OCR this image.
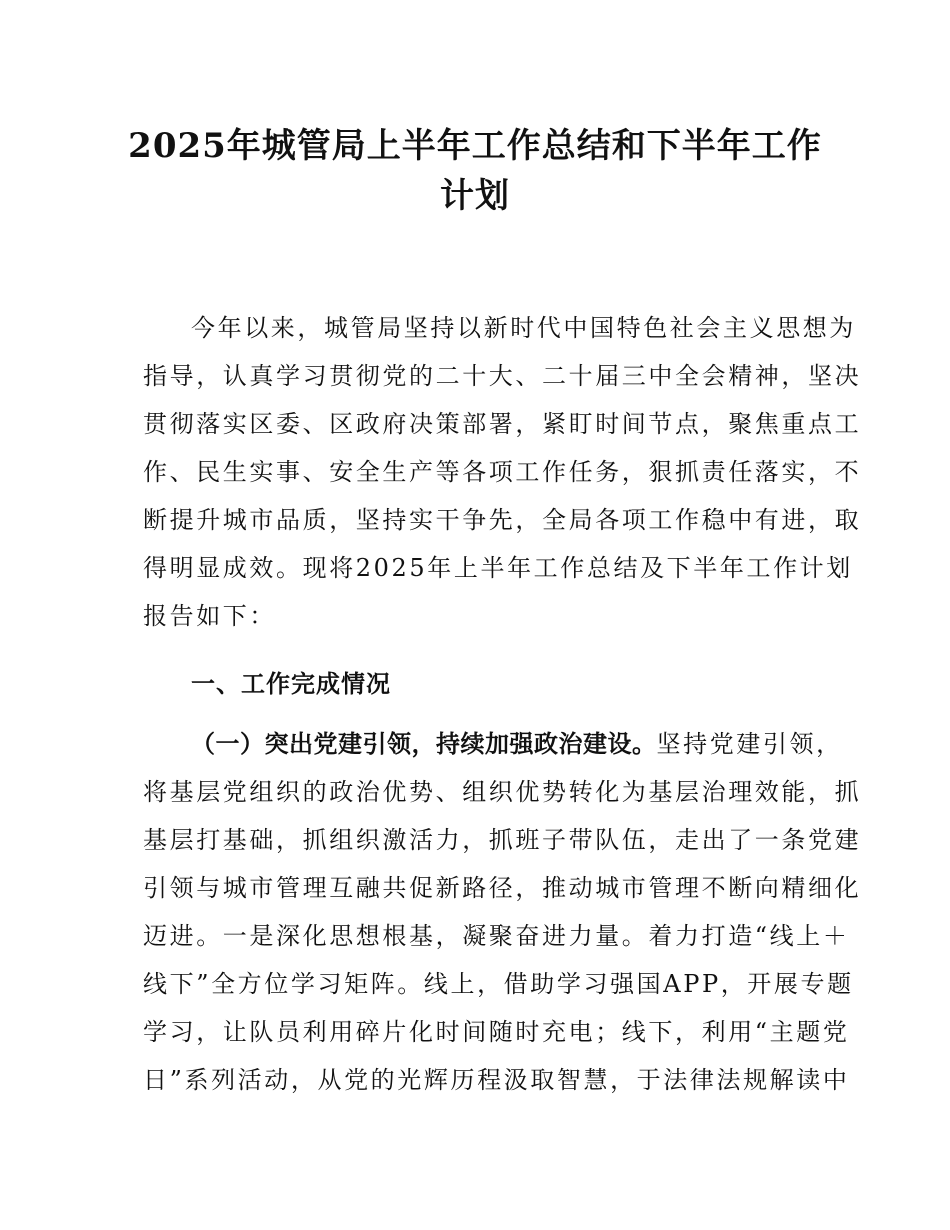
2025年城管局上半年工作总结和下半年工作
计划
今年以来，城管局坚持以新时代中国特色社会主义思想为
指导，认真学习贯彻党的二十大、二十届三中全会精神，坚决
贯彻落实区委、区政府决策部署，紧盯时间节点，聚焦重点工
作、民生实事、安全生产等各项工作任务，狠抓责任落实，不
断提升城市品质，坚持实干争先，全局各项工作稳中有进，取
得明显成效。现将2025年上半年工作总结及下半年工作计划
报告如下：
一、工作完成情况
（一）突出党建引领，持续加强政治建设。坚持党建引领，
将基层党组织的政治优势、组织优势转化为基层治理效能，抓
基层打基础，抓组织激活力，抓班子带队伍，走出了一条党建
引领与城市管理互融共促新路径，推动城市管理不断向精细化
迈进。一是深化思想根基，凝聚奋进力量。着力打造“线上＋
线下”全方位学习矩阵。线上，借助学习强国APP，开展专题
学习，让队员利用碎片化时间随时充电；线下，利用“主题党
日”系列活动，从党的光辉历程汲取智慧，于法律法规解读中
